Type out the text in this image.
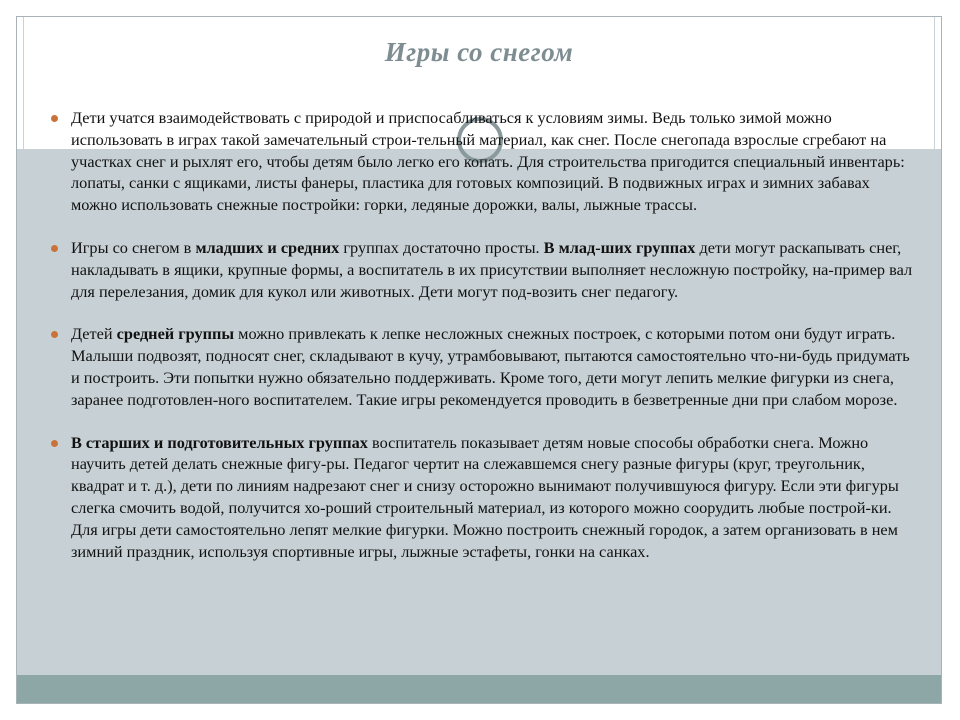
Игры со снегом
Дети учатся взаимодействовать с природой и приспосабливаться к условиям зимы. Ведь только зимой можно использовать в играх такой замечательный строи-тельный материал, как снег. После снегопада взрослые сгребают на участках снег и рыхлят его, чтобы детям было легко его копать. Для строительства пригодится специальный инвентарь: лопаты, санки с ящиками, листы фанеры, пластика для готовых композиций. В подвижных играх и зимних забавах можно использовать снежные постройки: горки, ледяные дорожки, валы, лыжные трассы.
Игры со снегом в младших и средних группах достаточно просты. В млад-ших группах дети могут раскапывать снег, накладывать в ящики, крупные формы, а воспитатель в их присутствии выполняет несложную постройку, на-пример вал для перелезания, домик для кукол или животных. Дети могут под-возить снег педагогу.
Детей средней группы можно привлекать к лепке несложных снежных построек, с которыми потом они будут играть. Малыши подвозят, подносят снег, складывают в кучу, утрамбовывают, пытаются самостоятельно что-ни-будь придумать и построить. Эти попытки нужно обязательно поддерживать. Кроме того, дети могут лепить мелкие фигурки из снега, заранее подготовлен-ного воспитателем. Такие игры рекомендуется проводить в безветренные дни при слабом морозе.
В старших и подготовительных группах воспитатель показывает детям новые способы обработки снега. Можно научить детей делать снежные фигу-ры. Педагог чертит на слежавшемся снегу разные фигуры (круг, треугольник, квадрат и т. д.), дети по линиям надрезают снег и снизу осторожно вынимают получившуюся фигуру. Если эти фигуры слегка смочить водой, получится хо-роший строительный материал, из которого можно соорудить любые построй-ки. Для игры дети самостоятельно лепят мелкие фигурки. Можно построить снежный городок, а затем организовать в нем зимний праздник, используя спортивные игры, лыжные эстафеты, гонки на санках.
